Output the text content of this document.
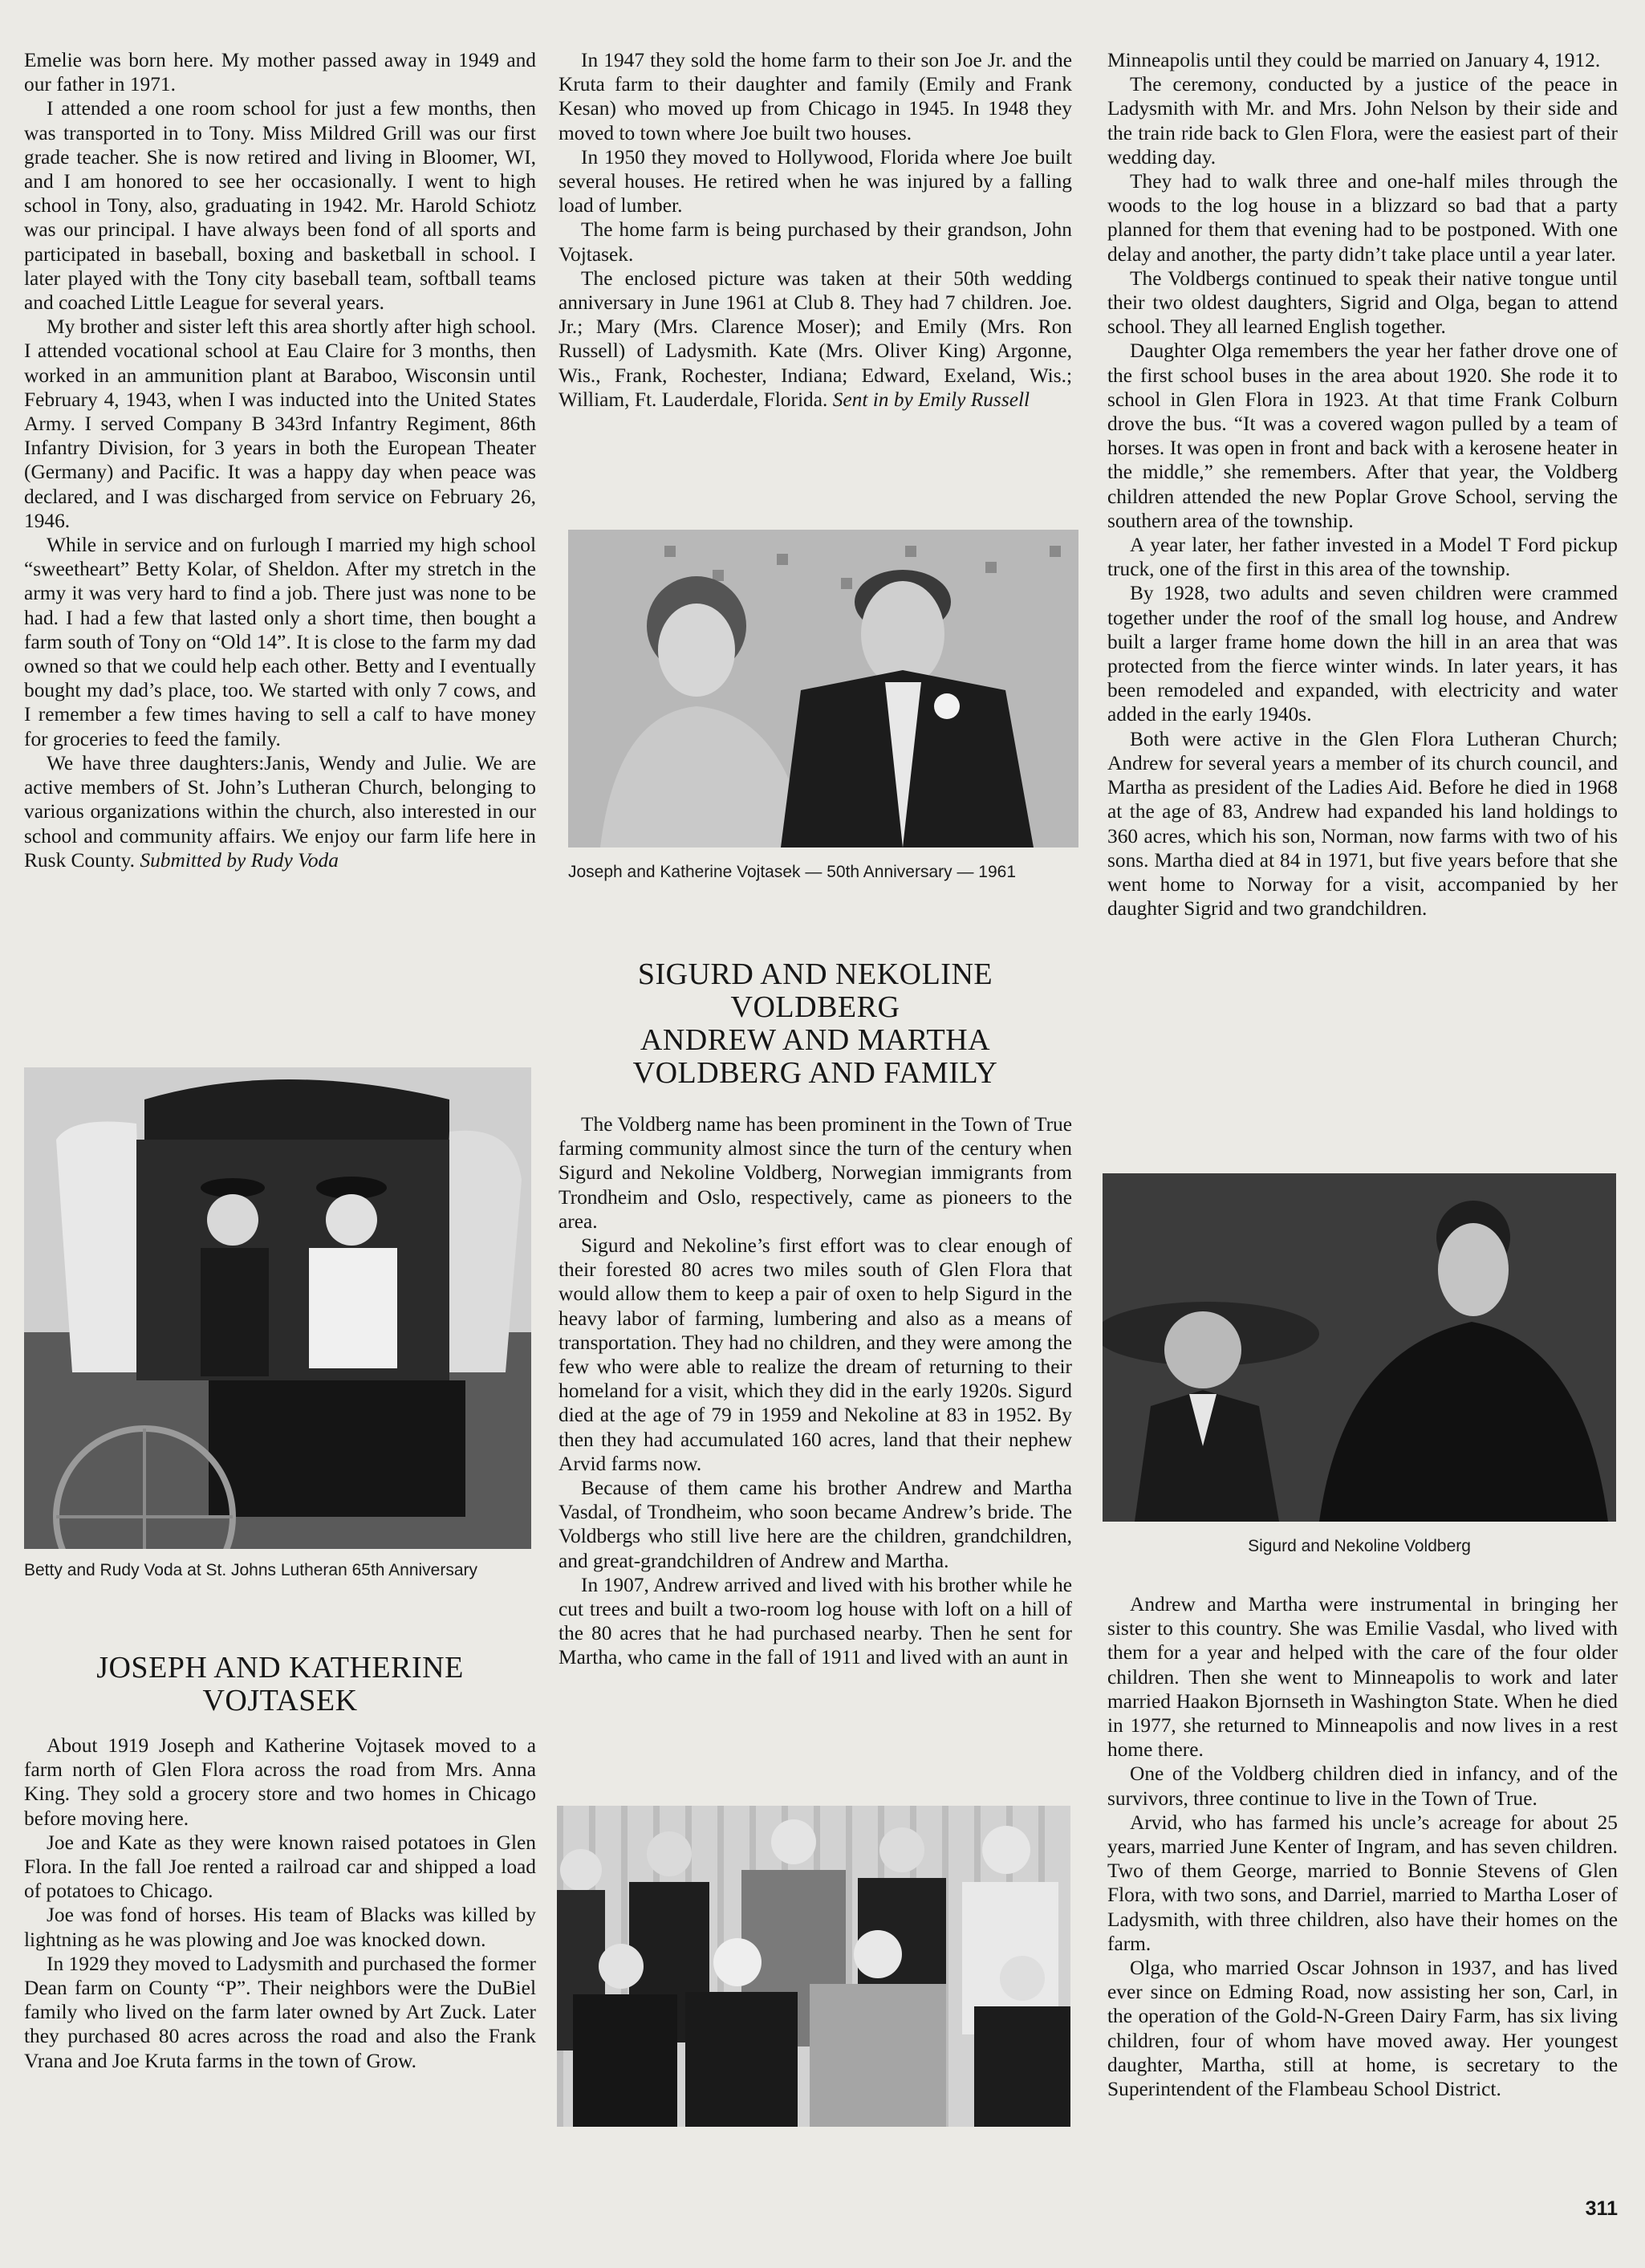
Emelie was born here. My mother passed away in 1949 and our father in 1971.

I attended a one room school for just a few months, then was transported in to Tony. Miss Mildred Grill was our first grade teacher. She is now retired and living in Bloomer, WI, and I am honored to see her occasionally. I went to high school in Tony, also, graduating in 1942. Mr. Harold Schiotz was our principal. I have always been fond of all sports and participated in baseball, boxing and basketball in school. I later played with the Tony city baseball team, softball teams and coached Little League for several years.

My brother and sister left this area shortly after high school. I attended vocational school at Eau Claire for 3 months, then worked in an ammunition plant at Baraboo, Wisconsin until February 4, 1943, when I was inducted into the United States Army. I served Company B 343rd Infantry Regiment, 86th Infantry Division, for 3 years in both the European Theater (Germany) and Pacific. It was a happy day when peace was declared, and I was discharged from service on February 26, 1946.

While in service and on furlough I married my high school “sweetheart” Betty Kolar, of Sheldon. After my stretch in the army it was very hard to find a job. There just was none to be had. I had a few that lasted only a short time, then bought a farm south of Tony on “Old 14”. It is close to the farm my dad owned so that we could help each other. Betty and I eventually bought my dad’s place, too. We started with only 7 cows, and I remember a few times having to sell a calf to have money for groceries to feed the family.

We have three daughters:Janis, Wendy and Julie. We are active members of St. John’s Lutheran Church, belonging to various organizations within the church, also interested in our school and community affairs. We enjoy our farm life here in Rusk County. Submitted by Rudy Voda

Betty and Rudy Voda at St. Johns Lutheran 65th Anniversary
JOSEPH AND KATHERINE VOJTASEK

About 1919 Joseph and Katherine Vojtasek moved to a farm north of Glen Flora across the road from Mrs. Anna King. They sold a grocery store and two homes in Chicago before moving here.

Joe and Kate as they were known raised potatoes in Glen Flora. In the fall Joe rented a railroad car and shipped a load of potatoes to Chicago.

Joe was fond of horses. His team of Blacks was killed by lightning as he was plowing and Joe was knocked down.

In 1929 they moved to Ladysmith and purchased the former Dean farm on County “P”. Their neighbors were the DuBiel family who lived on the farm later owned by Art Zuck. Later they purchased 80 acres across the road and also the Frank Vrana and Joe Kruta farms in the town of Grow.

In 1947 they sold the home farm to their son Joe Jr. and the Kruta farm to their daughter and family (Emily and Frank Kesan) who moved up from Chicago in 1945. In 1948 they moved to town where Joe built two houses.

In 1950 they moved to Hollywood, Florida where Joe built several houses. He retired when he was injured by a falling load of lumber.

The home farm is being purchased by their grandson, John Vojtasek.

The enclosed picture was taken at their 50th wedding anniversary in June 1961 at Club 8. They had 7 children. Joe. Jr.; Mary (Mrs. Clarence Moser); and Emily (Mrs. Ron Russell) of Ladysmith. Kate (Mrs. Oliver King) Argonne, Wis., Frank, Rochester, Indiana; Edward, Exeland, Wis.; William, Ft. Lauderdale, Florida. Sent in by Emily Russell

Joseph and Katherine Vojtasek — 50th Anniversary — 1961
SIGURD AND NEKOLINE
VOLDBERG
ANDREW AND MARTHA
VOLDBERG AND FAMILY

The Voldberg name has been prominent in the Town of True farming community almost since the turn of the century when Sigurd and Nekoline Voldberg, Norwegian immigrants from Trondheim and Oslo, respectively, came as pioneers to the area.

Sigurd and Nekoline’s first effort was to clear enough of their forested 80 acres two miles south of Glen Flora that would allow them to keep a pair of oxen to help Sigurd in the heavy labor of farming, lumbering and also as a means of transportation. They had no children, and they were among the few who were able to realize the dream of returning to their homeland for a visit, which they did in the early 1920s. Sigurd died at the age of 79 in 1959 and Nekoline at 83 in 1952. By then they had accumulated 160 acres, land that their nephew Arvid farms now.

Because of them came his brother Andrew and Martha Vasdal, of Trondheim, who soon became Andrew’s bride. The Voldbergs who still live here are the children, grandchildren, and great-grandchildren of Andrew and Martha.

In 1907, Andrew arrived and lived with his brother while he cut trees and built a two-room log house with loft on a hill of the 80 acres that he had purchased nearby. Then he sent for Martha, who came in the fall of 1911 and lived with an aunt in

Minneapolis until they could be married on January 4, 1912.

The ceremony, conducted by a justice of the peace in Ladysmith with Mr. and Mrs. John Nelson by their side and the train ride back to Glen Flora, were the easiest part of their wedding day.

They had to walk three and one-half miles through the woods to the log house in a blizzard so bad that a party planned for them that evening had to be postponed. With one delay and another, the party didn’t take place until a year later.

The Voldbergs continued to speak their native tongue until their two oldest daughters, Sigrid and Olga, began to attend school. They all learned English together.

Daughter Olga remembers the year her father drove one of the first school buses in the area about 1920. She rode it to school in Glen Flora in 1923. At that time Frank Colburn drove the bus. “It was a covered wagon pulled by a team of horses. It was open in front and back with a kerosene heater in the middle,” she remembers. After that year, the Voldberg children attended the new Poplar Grove School, serving the southern area of the township.

A year later, her father invested in a Model T Ford pickup truck, one of the first in this area of the township.

By 1928, two adults and seven children were crammed together under the roof of the small log house, and Andrew built a larger frame home down the hill in an area that was protected from the fierce winter winds. In later years, it has been remodeled and expanded, with electricity and water added in the early 1940s.

Both were active in the Glen Flora Lutheran Church; Andrew for several years a member of its church council, and Martha as president of the Ladies Aid. Before he died in 1968 at the age of 83, Andrew had expanded his land holdings to 360 acres, which his son, Norman, now farms with two of his sons. Martha died at 84 in 1971, but five years before that she went home to Norway for a visit, accompanied by her daughter Sigrid and two grandchildren.

Sigurd and Nekoline Voldberg

Andrew and Martha were instrumental in bringing her sister to this country. She was Emilie Vasdal, who lived with them for a year and helped with the care of the four older children. Then she went to Minneapolis to work and later married Haakon Bjornseth in Washington State. When he died in 1977, she returned to Minneapolis and now lives in a rest home there.

One of the Voldberg children died in infancy, and of the survivors, three continue to live in the Town of True.

Arvid, who has farmed his uncle’s acreage for about 25 years, married June Kenter of Ingram, and has seven children. Two of them George, married to Bonnie Stevens of Glen Flora, with two sons, and Darriel, married to Martha Loser of Ladysmith, with three children, also have their homes on the farm.

Olga, who married Oscar Johnson in 1937, and has lived ever since on Edming Road, now assisting her son, Carl, in the operation of the Gold-N-Green Dairy Farm, has six living children, four of whom have moved away. Her youngest daughter, Martha, still at home, is secretary to the Superintendent of the Flambeau School District.

311
